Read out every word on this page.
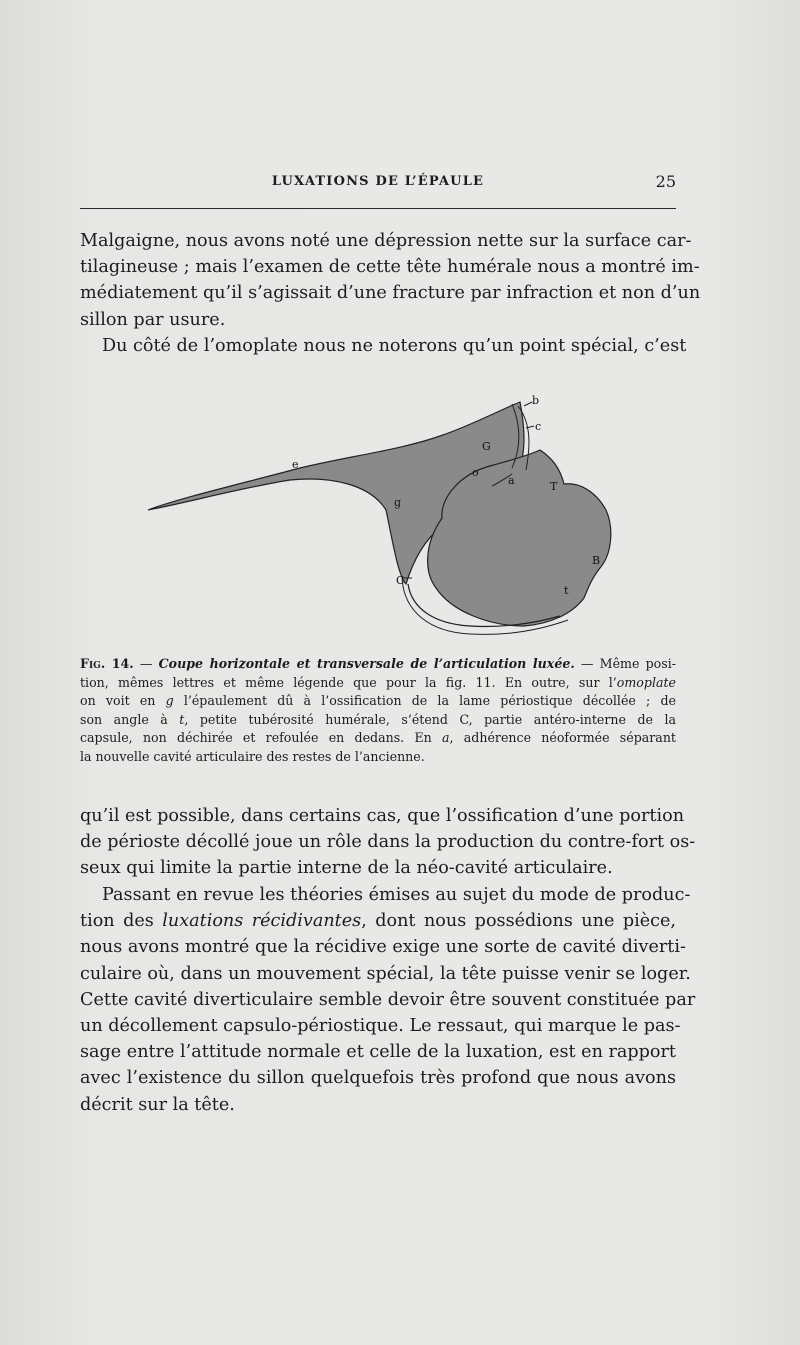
LUXATIONS DE L’ÉPAULE	25

Malgaigne, nous avons noté une dépression nette sur la surface car-
tilagineuse ; mais l’examen de cette tête humérale nous a montré im-
médiatement qu’il s’agissait d’une fracture par infraction et non d’un
sillon par usure.

Du côté de l’omoplate nous ne noterons qu’un point spécial, c’est

b
c
G
e
o
a	T
g
B
C
t
Fig. 14. — Coupe horizontale et transversale de l’articulation luxée. — Même posi-
tion, mêmes lettres et même légende que pour la fig. 11. En outre, sur l’omoplate
on voit en g l’épaulement dû à l’ossification de la lame périostique décollée ; de
son angle à t, petite tubérosité humérale, s’étend C, partie antéro-interne de la
capsule, non déchirée et refoulée en dedans. En a, adhérence néoformée séparant
la nouvelle cavité articulaire des restes de l’ancienne.

qu’il est possible, dans certains cas, que l’ossification d’une portion
de périoste décollé joue un rôle dans la production du contre-fort os-
seux qui limite la partie interne de la néo-cavité articulaire.

Passant en revue les théories émises au sujet du mode de produc-
tion des luxations récidivantes, dont nous possédions une pièce,
nous avons montré que la récidive exige une sorte de cavité diverti-
culaire où, dans un mouvement spécial, la tête puisse venir se loger.
Cette cavité diverticulaire semble devoir être souvent constituée par
un décollement capsulo-périostique. Le ressaut, qui marque le pas-
sage entre l’attitude normale et celle de la luxation, est en rapport
avec l’existence du sillon quelquefois très profond que nous avons
décrit sur la tête.
